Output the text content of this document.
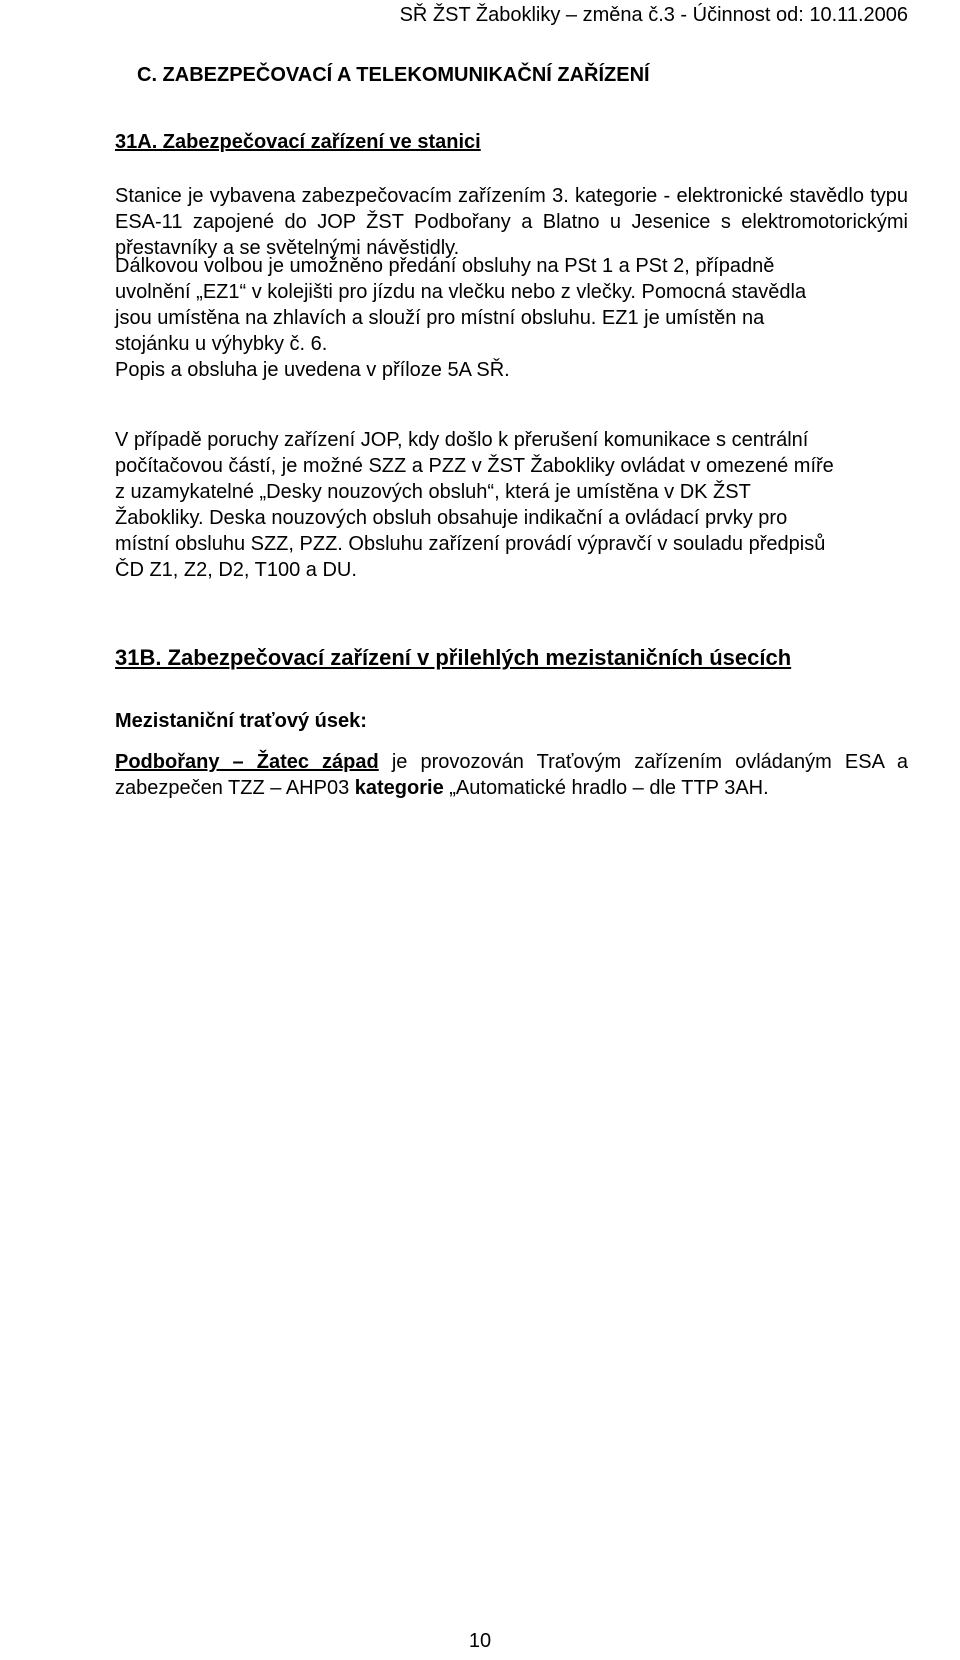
SŘ ŽST Žabokliky – změna č.3 - Účinnost od: 10.11.2006
C. ZABEZPEČOVACÍ A TELEKOMUNIKAČNÍ ZAŘÍZENÍ
31A. Zabezpečovací zařízení ve stanici

Stanice je vybavena zabezpečovacím zařízením 3. kategorie - elektronické stavědlo typu ESA-11 zapojené do JOP ŽST Podbořany a Blatno u Jesenice s elektromotorickými přestavníky a se světelnými návěstidly.

Dálkovou volbou je umožněno předání obsluhy na PSt 1 a PSt 2, případně
uvolnění „EZ1“ v kolejišti pro jízdu na vlečku nebo z vlečky. Pomocná stavědla
jsou umístěna na zhlavích a slouží pro místní obsluhu. EZ1 je umístěn na
stojánku u výhybky č. 6.
Popis a obsluha je uvedena v příloze 5A SŘ.

V případě poruchy zařízení JOP, kdy došlo k přerušení komunikace s centrální
počítačovou částí, je možné SZZ a PZZ v ŽST Žabokliky ovládat v omezené míře
z uzamykatelné „Desky nouzových obsluh“, která je umístěna v DK ŽST
Žabokliky. Deska nouzových obsluh obsahuje indikační a ovládací prvky pro
místní obsluhu SZZ, PZZ. Obsluhu zařízení provádí výpravčí v souladu předpisů
ČD Z1, Z2, D2, T100 a DU.

31B. Zabezpečovací zařízení v přilehlých mezistaničních úsecích
Mezistaniční traťový úsek:

Podbořany – Žatec západ je provozován Traťovým zařízením ovládaným ESA a zabezpečen TZZ – AHP03 kategorie „Automatické hradlo – dle TTP 3AH.

10
